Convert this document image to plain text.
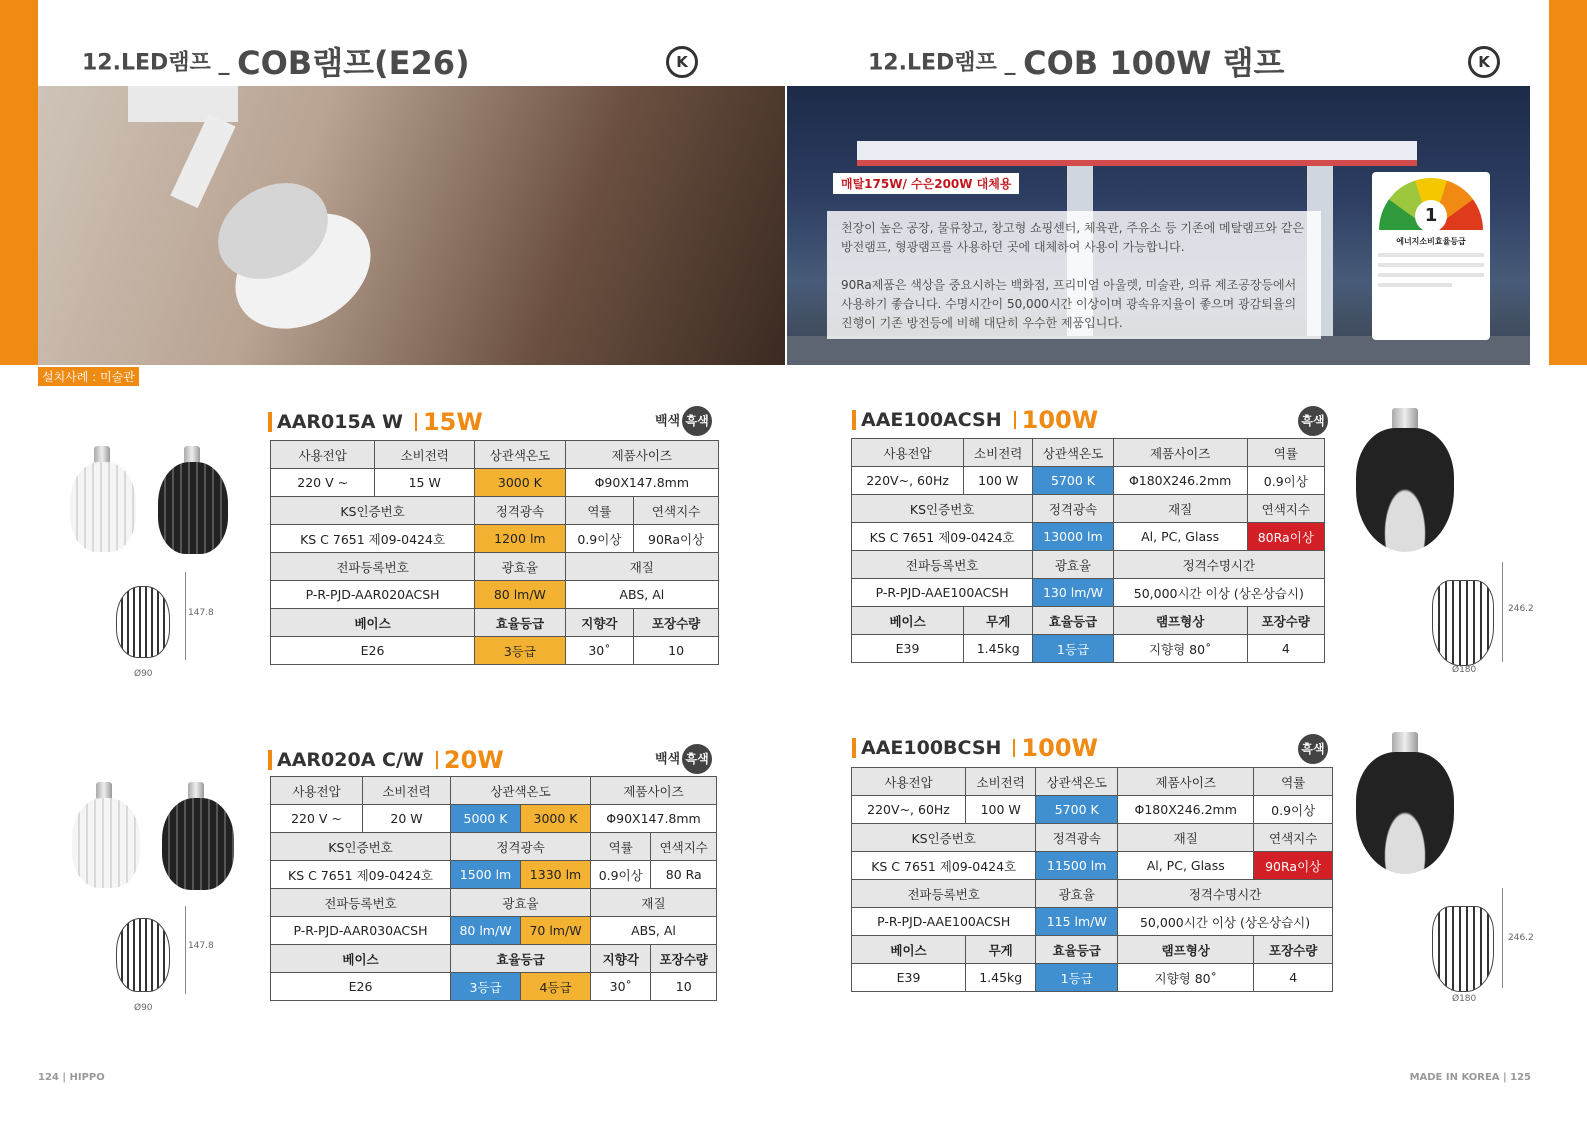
12.LED램프 _ COB램프(E26)	K	12.LED램프 _ COB 100W 램프	K
설치사례 : 미술관
매탈175W/ 수은200W 대체용

천장이 높은 공장, 물류창고, 창고형 쇼핑센터, 체육관, 주유소 등 기존에 메탈램프와 같은 방전램프, 형광램프를 사용하던 곳에 대체하여 사용이 가능합니다.

90Ra제품은 색상을 중요시하는 백화점, 프리미엄 아울렛, 미술관, 의류 제조공장등에서 사용하기 좋습니다. 수명시간이 50,000시간 이상이며 광속유지율이 좋으며 광감퇴율의 진행이 기존 방전등에 비해 대단히 우수한 제품입니다.

1
에너지소비효율등급
AAR015A W 15W	백색 흑색
사용전압	소비전력	상관색온도	제품사이즈	
220 V ~	15 W	3000 K	Φ90X147.8mm	
KS인증번호		정격광속	역률	연색지수
KS C 7651 제09-0424호		1200 lm	0.9이상	90Ra이상
전파등록번호		광효율	재질	
P-R-PJD-AAR020ACSH		80 lm/W	ABS, Al	
베이스		효율등급	지향각	포장수량
E26		3등급	30˚	10
147.8
Ø90
AAR020A C/W 20W	백색 흑색
사용전압	소비전력	상관색온도		제품사이즈	
220 V ~	20 W	5000 K	3000 K	Φ90X147.8mm	
KS인증번호		정격광속		역률	연색지수
KS C 7651 제09-0424호		1500 lm	1330 lm	0.9이상	80 Ra
전파등록번호		광효율		재질	
P-R-PJD-AAR030ACSH		80 lm/W	70 lm/W	ABS, Al	
베이스		효율등급		지향각	포장수량
E26		3등급	4등급	30˚	10
147.8
Ø90
AAE100ACSH 100W	흑색
사용전압	소비전력	상관색온도	제품사이즈	역률
220V~, 60Hz	100 W	5700 K	Φ180X246.2mm	0.9이상
KS인증번호		정격광속	재질	연색지수
KS C 7651 제09-0424호		13000 lm	Al, PC, Glass	80Ra이상
전파등록번호		광효율	정격수명시간	
P-R-PJD-AAE100ACSH		130 lm/W	50,000시간 이상 (상온상습시)	
베이스	무게	효율등급	램프형상	포장수량
E39	1.45kg	1등급	지향형 80˚	4
246.2
Ø180
AAE100BCSH 100W	흑색
사용전압	소비전력	상관색온도	제품사이즈	역률
220V~, 60Hz	100 W	5700 K	Φ180X246.2mm	0.9이상
KS인증번호		정격광속	재질	연색지수
KS C 7651 제09-0424호		11500 lm	Al, PC, Glass	90Ra이상
전파등록번호		광효율	정격수명시간	
P-R-PJD-AAE100ACSH		115 lm/W	50,000시간 이상 (상온상습시)	
베이스	무게	효율등급	램프형상	포장수량
E39	1.45kg	1등급	지향형 80˚	4
246.2
Ø180
124 | HIPPO	MADE IN KOREA | 125
